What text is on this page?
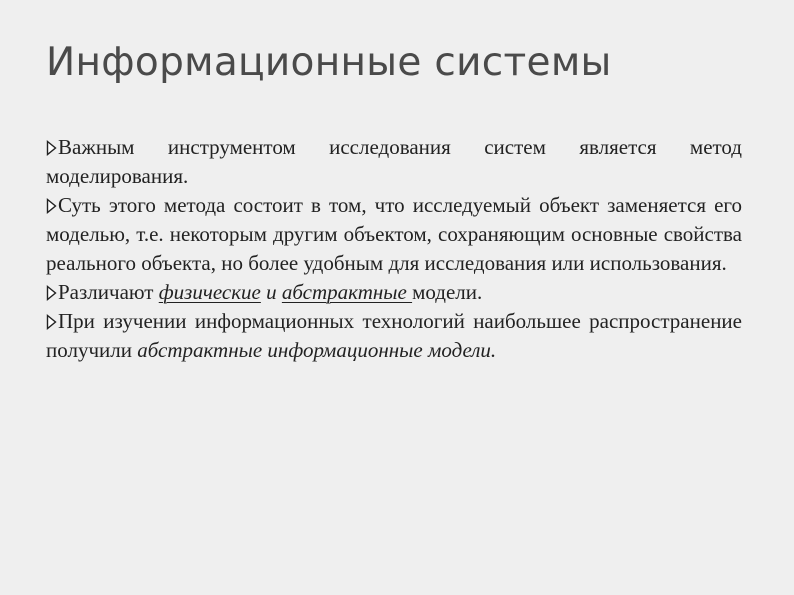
Информационные системы

Важным инструментом исследования систем является метод моделирования.

Суть этого метода состоит в том, что исследуемый объект заменяется его моделью, т.е. некоторым другим объектом, сохраняющим основные свойства реального объекта, но более удобным для исследования или использования.

Различают физические и абстрактные модели.

При изучении информационных технологий наибольшее распространение получили абстрактные информационные модели.
